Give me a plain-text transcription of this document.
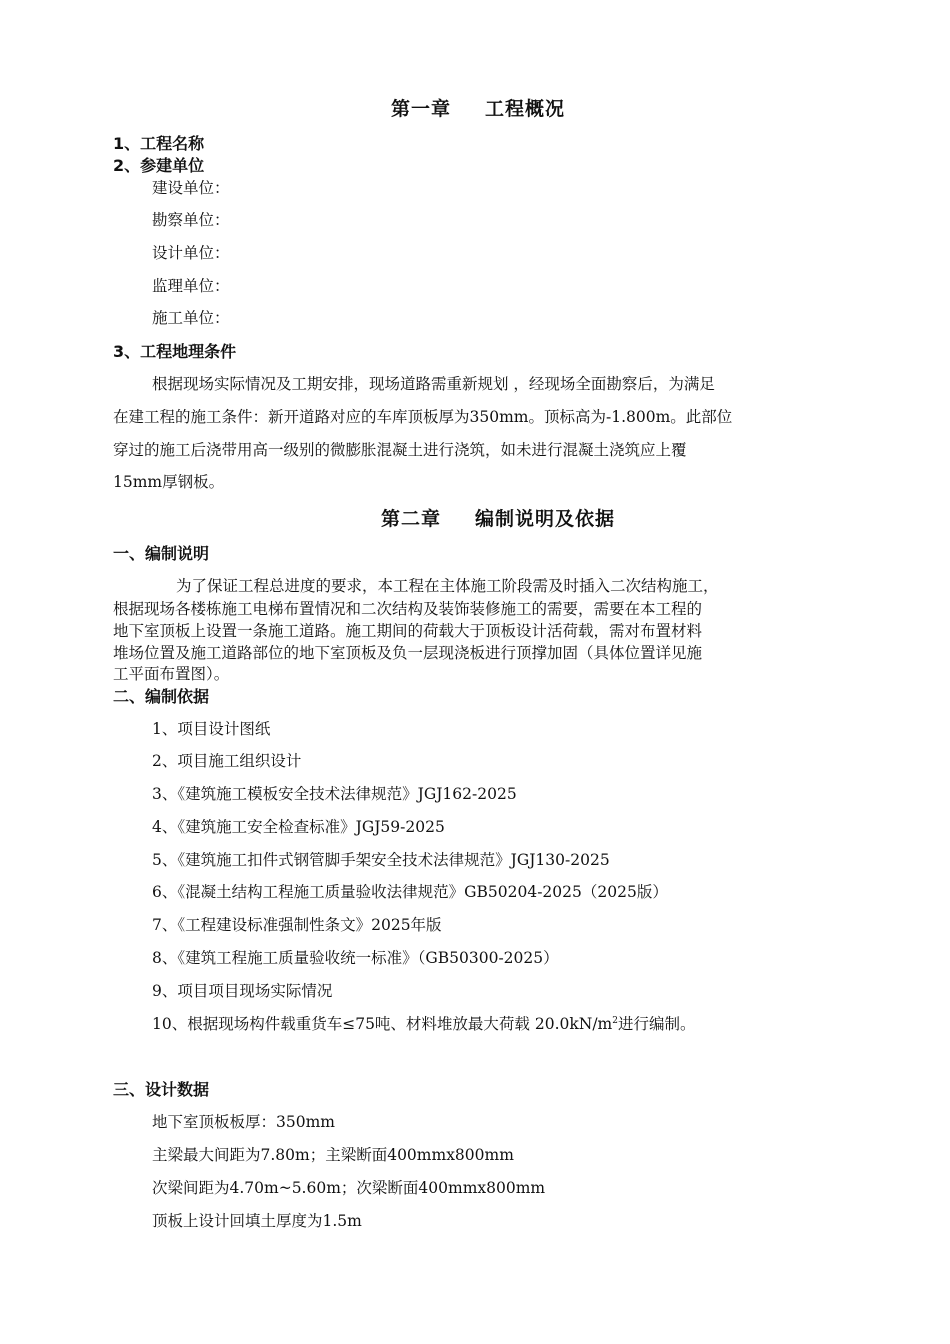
第一章 工程概况
1、工程名称
2、参建单位
建设单位：
勘察单位：
设计单位：
监理单位：
施工单位：
3、工程地理条件
根据现场实际情况及工期安排，现场道路需重新规划 ，经现场全面勘察后，为满足
在建工程的施工条件：新开道路对应的车库顶板厚为350mm。顶标高为-1.800m。此部位
穿过的施工后浇带用高一级别的微膨胀混凝土进行浇筑，如未进行混凝土浇筑应上覆
15mm厚钢板。
第二章 编制说明及依据
一、编制说明
为了保证工程总进度的要求，本工程在主体施工阶段需及时插入二次结构施工，
根据现场各楼栋施工电梯布置情况和二次结构及装饰装修施工的需要，需要在本工程的
地下室顶板上设置一条施工道路。施工期间的荷载大于顶板设计活荷载，需对布置材料
堆场位置及施工道路部位的地下室顶板及负一层现浇板进行顶撑加固（具体位置详见施
工平面布置图）。
二、编制依据
1、项目设计图纸
2、项目施工组织设计
3、《建筑施工模板安全技术法律规范》JGJ162-2025
4、《建筑施工安全检查标准》JGJ59-2025
5、《建筑施工扣件式钢管脚手架安全技术法律规范》JGJ130-2025
6、《混凝土结构工程施工质量验收法律规范》GB50204-2025（2025版）
7、《工程建设标准强制性条文》2025年版
8、《建筑工程施工质量验收统一标准》（GB50300-2025）
9、项目项目现场实际情况
10、根据现场构件载重货车≤75吨、材料堆放最大荷载 $20.0kN/m^2$进行编制。
三、设计数据
地下室顶板板厚：350mm
主梁最大间距为7.80m；主梁断面400mmx800mm
次梁间距为4.70m~5.60m；次梁断面400mmx800mm
顶板上设计回填土厚度为1.5m
